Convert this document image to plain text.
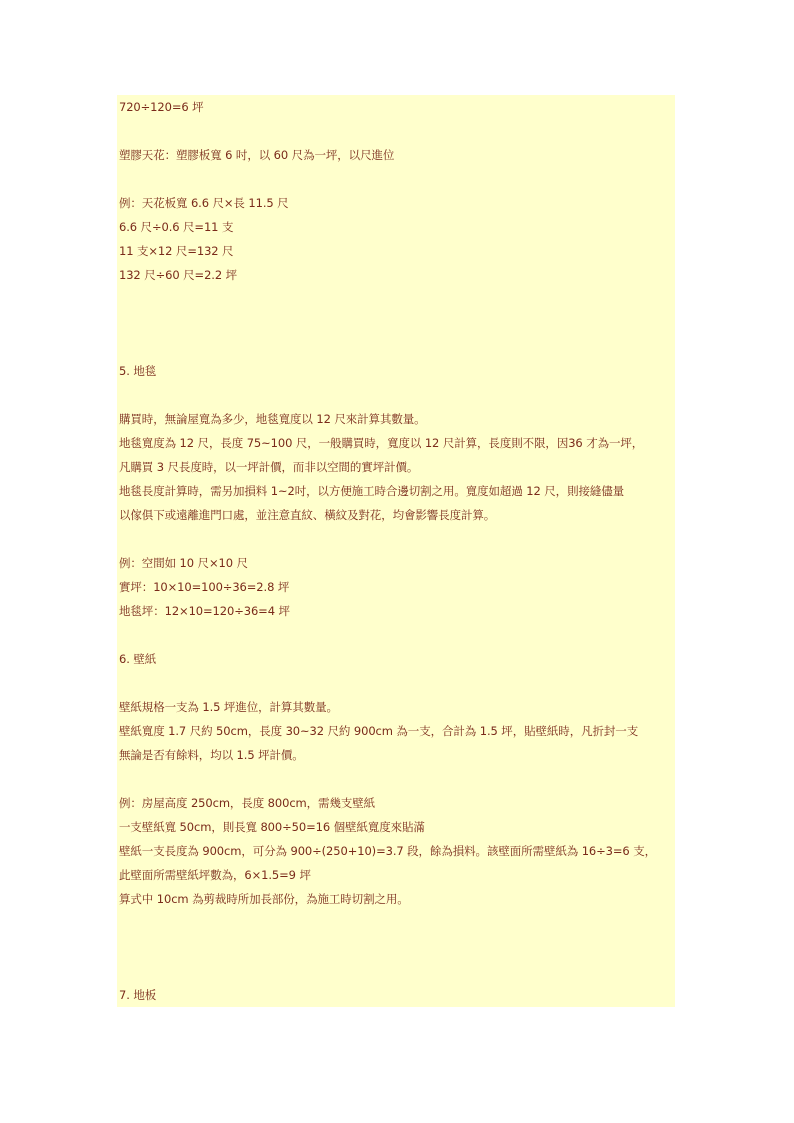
720÷120=6 坪
塑膠天花：塑膠板寬 6 吋，以 60 尺為一坪，以尺進位
例：天花板寬 6.6 尺×長 11.5 尺
6.6 尺÷0.6 尺=11 支
11 支×12 尺=132 尺
132 尺÷60 尺=2.2 坪
5. 地毯
購買時，無論屋寬為多少，地毯寬度以 12 尺來計算其數量。
地毯寬度為 12 尺，長度 75~100 尺，一般購買時，寬度以 12 尺計算，長度則不限，因36 才為一坪，
凡購買 3 尺長度時，以一坪計價，而非以空間的實坪計價。
地毯長度計算時，需另加損料 1~2吋，以方便施工時合邊切割之用。寬度如超過 12 尺，則接縫儘量
以傢俱下或遠離進門口處，並注意直紋、橫紋及對花，均會影響長度計算。
例：空間如 10 尺×10 尺
實坪：10×10=100÷36=2.8 坪
地毯坪：12×10=120÷36=4 坪
6. 壁紙
壁紙規格一支為 1.5 坪進位，計算其數量。
壁紙寬度 1.7 尺約 50cm，長度 30~32 尺約 900cm 為一支，合計為 1.5 坪，貼壁紙時，凡折封一支
無論是否有餘料，均以 1.5 坪計價。
例：房屋高度 250cm，長度 800cm，需幾支壁紙
一支壁紙寬 50cm，則長寬 800÷50=16 個壁紙寬度來貼滿
壁紙一支長度為 900cm，可分為 900÷(250+10)=3.7 段，餘為損料。該壁面所需壁紙為 16÷3=6 支，
此壁面所需壁紙坪數為，6×1.5=9 坪
算式中 10cm 為剪裁時所加長部份，為施工時切割之用。
7. 地板
